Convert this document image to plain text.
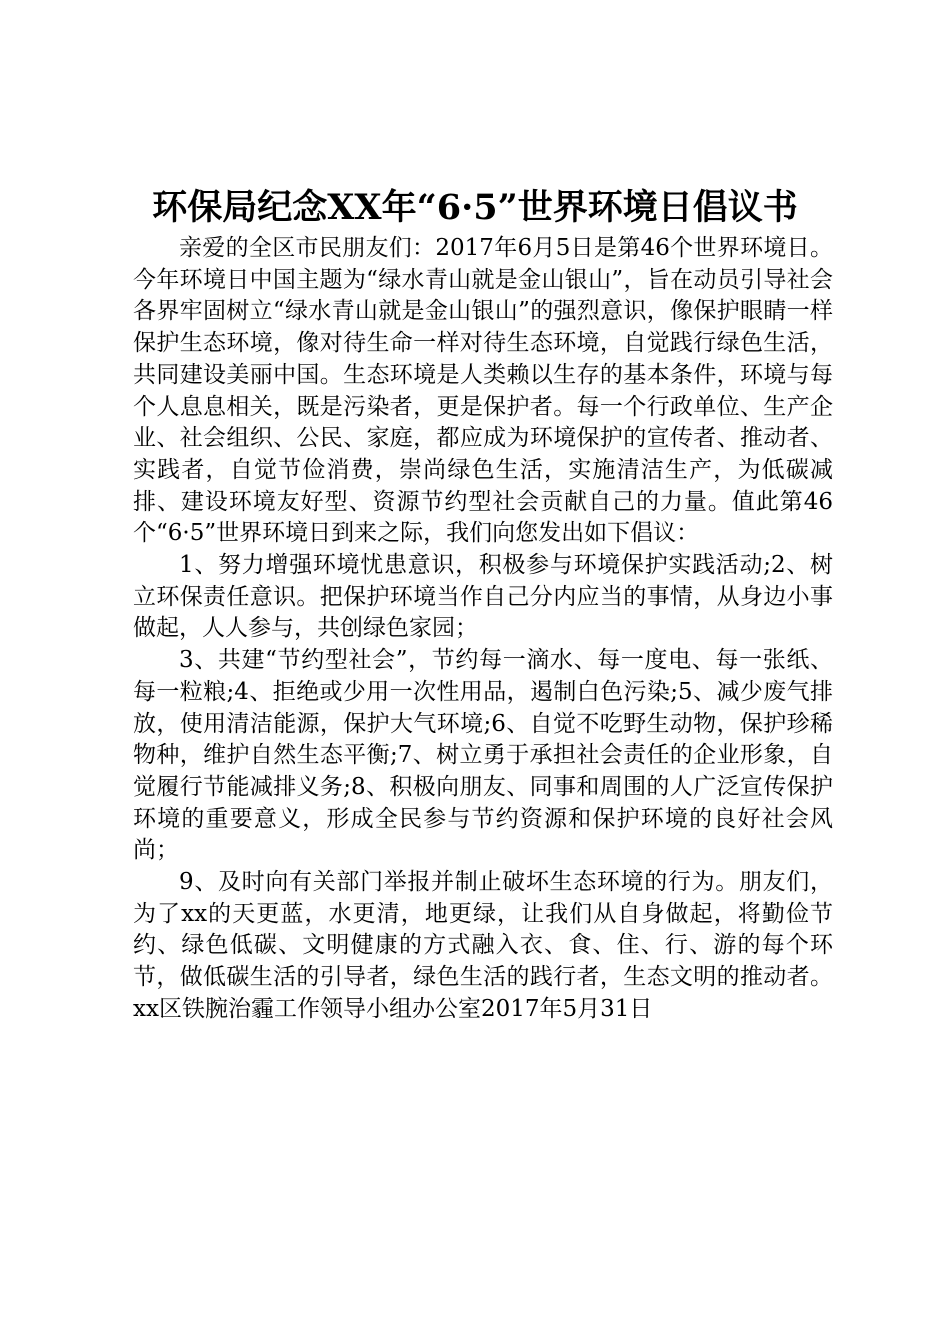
环保局纪念XX年“6·5”世界环境日倡议书

亲爱的全区市民朋友们：2017年6月5日是第46个世界环境日。今年环境日中国主题为“绿水青山就是金山银山”，旨在动员引导社会各界牢固树立“绿水青山就是金山银山”的强烈意识，像保护眼睛一样保护生态环境，像对待生命一样对待生态环境，自觉践行绿色生活，共同建设美丽中国。生态环境是人类赖以生存的基本条件，环境与每个人息息相关，既是污染者，更是保护者。每一个行政单位、生产企业、社会组织、公民、家庭，都应成为环境保护的宣传者、推动者、实践者，自觉节俭消费，崇尚绿色生活，实施清洁生产，为低碳减排、建设环境友好型、资源节约型社会贡献自己的力量。值此第46个“6·5”世界环境日到来之际，我们向您发出如下倡议：

1、努力增强环境忧患意识，积极参与环境保护实践活动;2、树立环保责任意识。把保护环境当作自己分内应当的事情，从身边小事做起，人人参与，共创绿色家园；

3、共建“节约型社会”，节约每一滴水、每一度电、每一张纸、每一粒粮;4、拒绝或少用一次性用品，遏制白色污染;5、减少废气排放，使用清洁能源，保护大气环境;6、自觉不吃野生动物，保护珍稀物种，维护自然生态平衡;7、树立勇于承担社会责任的企业形象，自觉履行节能减排义务;8、积极向朋友、同事和周围的人广泛宣传保护环境的重要意义，形成全民参与节约资源和保护环境的良好社会风尚；

9、及时向有关部门举报并制止破坏生态环境的行为。朋友们，为了xx的天更蓝，水更清，地更绿，让我们从自身做起，将勤俭节约、绿色低碳、文明健康的方式融入衣、食、住、行、游的每个环节，做低碳生活的引导者，绿色生活的践行者，生态文明的推动者。xx区铁腕治霾工作领导小组办公室2017年5月31日
